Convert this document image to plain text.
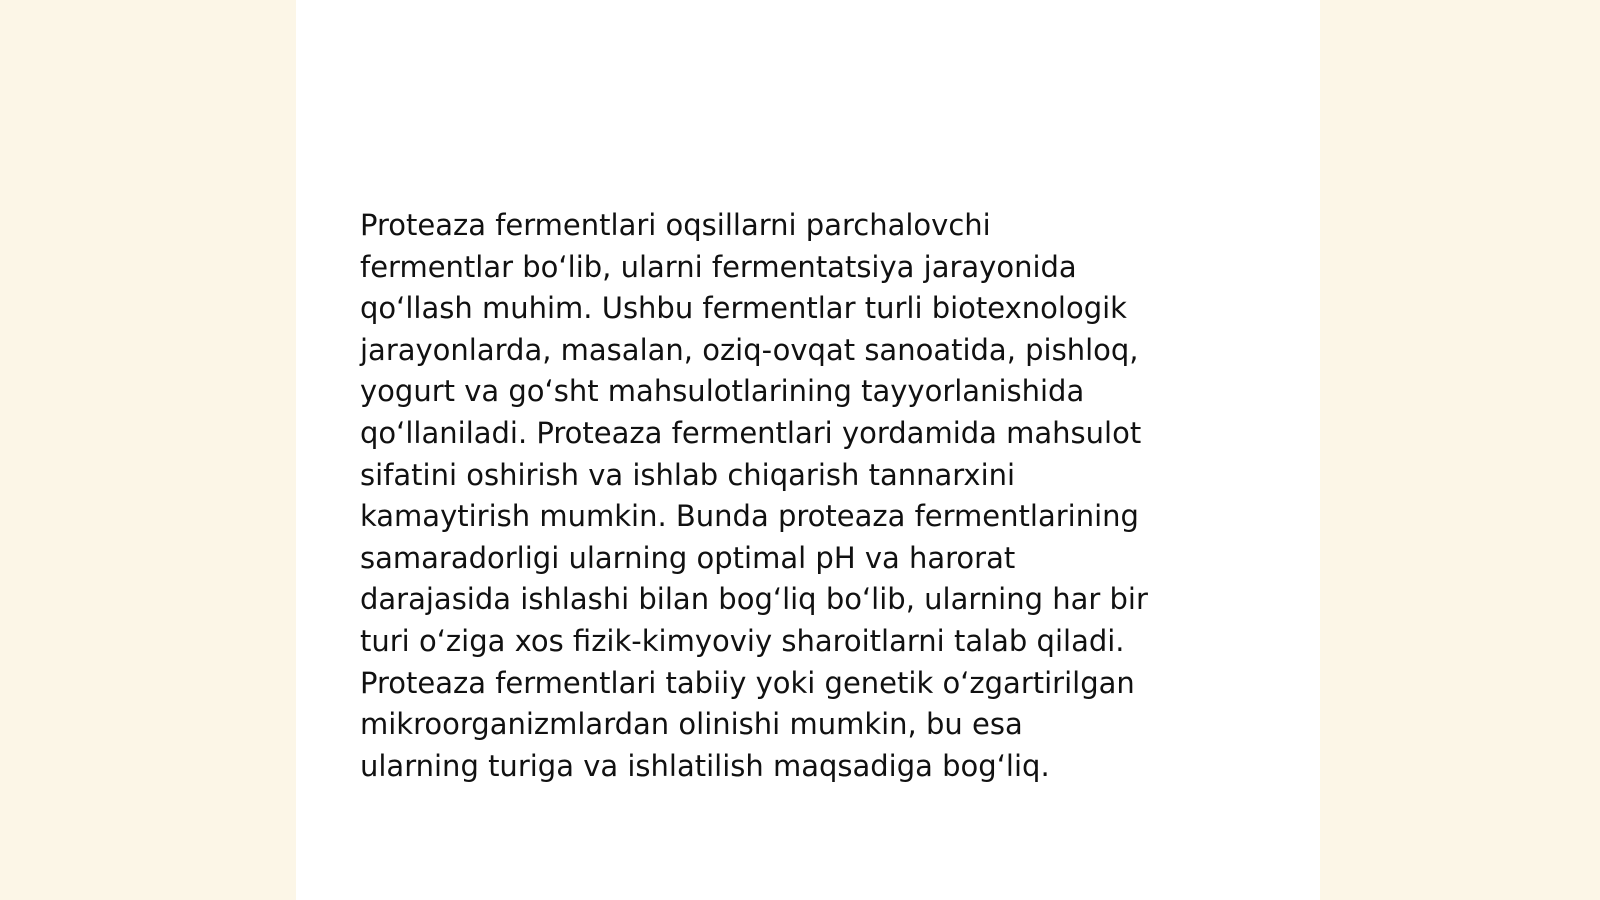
Proteaza fermentlari oqsillarni parchalovchi
fermentlar bo‘lib, ularni fermentatsiya jarayonida
qo‘llash muhim. Ushbu fermentlar turli biotexnologik
jarayonlarda, masalan, oziq-ovqat sanoatida, pishloq,
yogurt va go‘sht mahsulotlarining tayyorlanishida
qo‘llaniladi. Proteaza fermentlari yordamida mahsulot
sifatini oshirish va ishlab chiqarish tannarxini
kamaytirish mumkin. Bunda proteaza fermentlarining
samaradorligi ularning optimal pH va harorat
darajasida ishlashi bilan bog‘liq bo‘lib, ularning har bir
turi o‘ziga xos fizik-kimyoviy sharoitlarni talab qiladi.
Proteaza fermentlari tabiiy yoki genetik o‘zgartirilgan
mikroorganizmlardan olinishi mumkin, bu esa
ularning turiga va ishlatilish maqsadiga bog‘liq.
